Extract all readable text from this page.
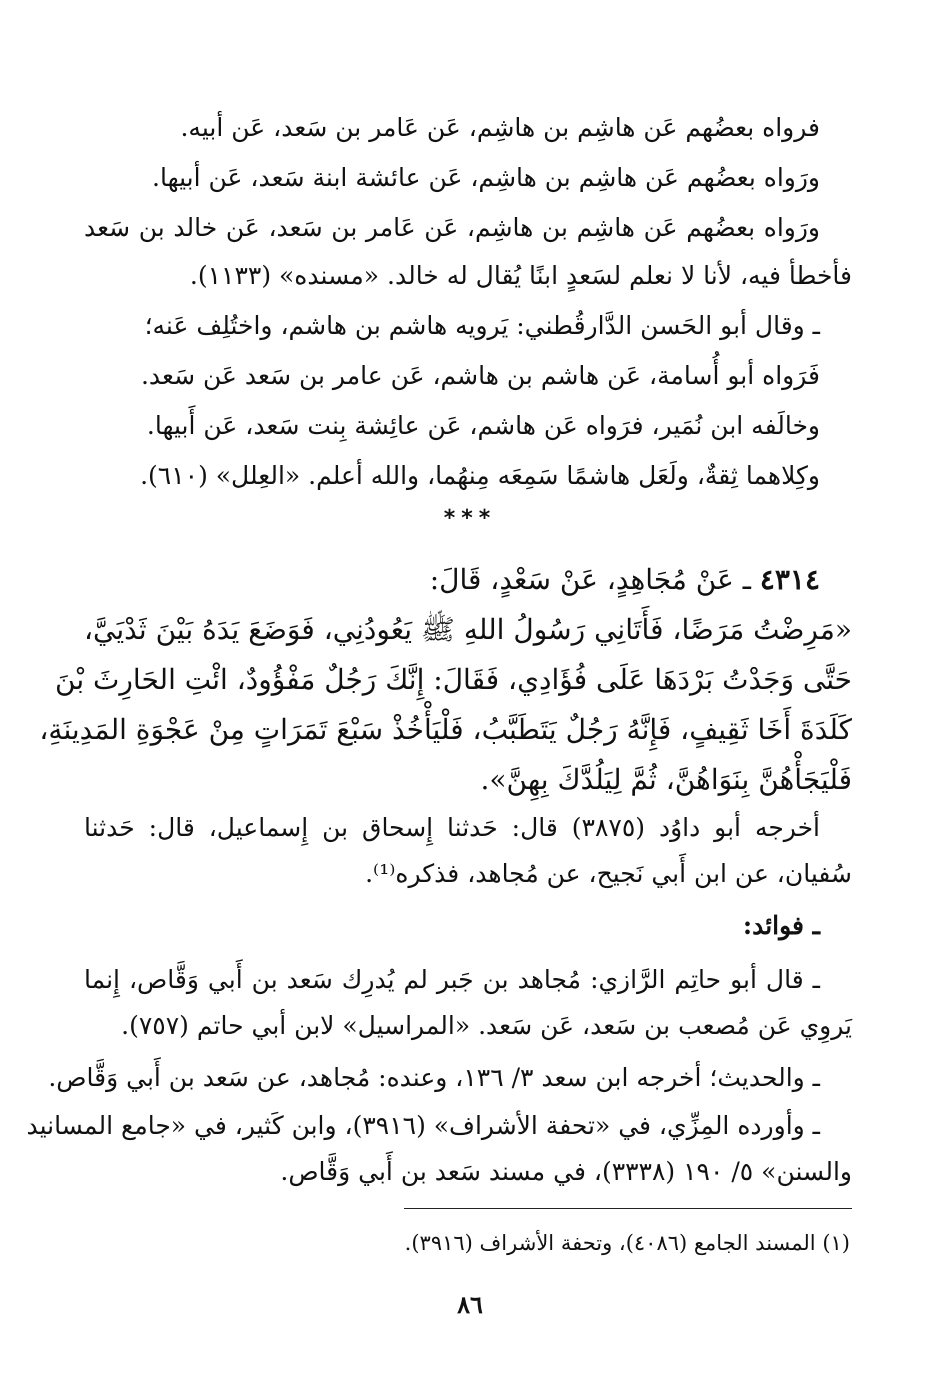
فرواه بعضُهم عَن هاشِم بن هاشِم، عَن عَامر بن سَعد، عَن أبيه.
ورَواه بعضُهم عَن هاشِم بن هاشِم، عَن عائشة ابنة سَعد، عَن أبيها.
ورَواه بعضُهم عَن هاشِم بن هاشِم، عَن عَامر بن سَعد، عَن خالد بن سَعد
فأخطأ فيه، لأنا لا نعلم لسَعدٍ ابنًا يُقال له خالد. «مسنده» (١١٣٣).
ـ وقال أبو الحَسن الدَّارقُطني: يَرويه هاشم بن هاشم، واختُلِف عَنه؛
فَرَواه أبو أُسامة، عَن هاشم بن هاشم، عَن عامر بن سَعد عَن سَعد.
وخالَفه ابن نُمَير، فرَواه عَن هاشم، عَن عائِشة بِنت سَعد، عَن أَبيها.
وكِلاهما ثِقةٌ، ولَعَل هاشمًا سَمِعَه مِنهُما، والله أعلم. «العِلل» (٦١٠).
***
٤٣١٤ ـ عَنْ مُجَاهِدٍ، عَنْ سَعْدٍ، قَالَ:
«مَرِضْتُ مَرَضًا، فَأَتَانِي رَسُولُ اللهِ ﷺ يَعُودُنِي، فَوَضَعَ يَدَهُ بَيْنَ ثَدْيَيَّ،
حَتَّى وَجَدْتُ بَرْدَهَا عَلَى فُؤَادِي، فَقَالَ: إِنَّكَ رَجُلٌ مَفْؤُودٌ، ائْتِ الحَارِثَ بْنَ
كَلَدَةَ أَخَا ثَقِيفٍ، فَإِنَّهُ رَجُلٌ يَتَطَبَّبُ، فَلْيَأْخُذْ سَبْعَ تَمَرَاتٍ مِنْ عَجْوَةِ المَدِينَةِ،
فَلْيَجَأْهُنَّ بِنَوَاهُنَّ، ثُمَّ لِيَلُدَّكَ بِهِنَّ».
أخرجه أبو داوُد (٣٨٧٥) قال: حَدثنا إِسحاق بن إِسماعيل، قال: حَدثنا
سُفيان، عن ابن أَبي نَجيح، عن مُجاهد، فذكره⁽¹⁾.
ـ فوائد:
ـ قال أبو حاتِم الرَّازي: مُجاهد بن جَبر لم يُدرِك سَعد بن أَبي وَقَّاص، إِنما
يَروِي عَن مُصعب بن سَعد، عَن سَعد. «المراسيل» لابن أبي حاتم (٧٥٧).
ـ والحديث؛ أخرجه ابن سعد ٣/ ١٣٦، وعنده: مُجاهد، عن سَعد بن أَبي وَقَّاص.
ـ وأورده المِزِّي، في «تحفة الأشراف» (٣٩١٦)، وابن كَثير، في «جامع المسانيد
والسنن» ٥/ ١٩٠ (٣٣٣٨)، في مسند سَعد بن أَبي وَقَّاص.
(١) المسند الجامع (٤٠٨٦)، وتحفة الأشراف (٣٩١٦).
٨٦
